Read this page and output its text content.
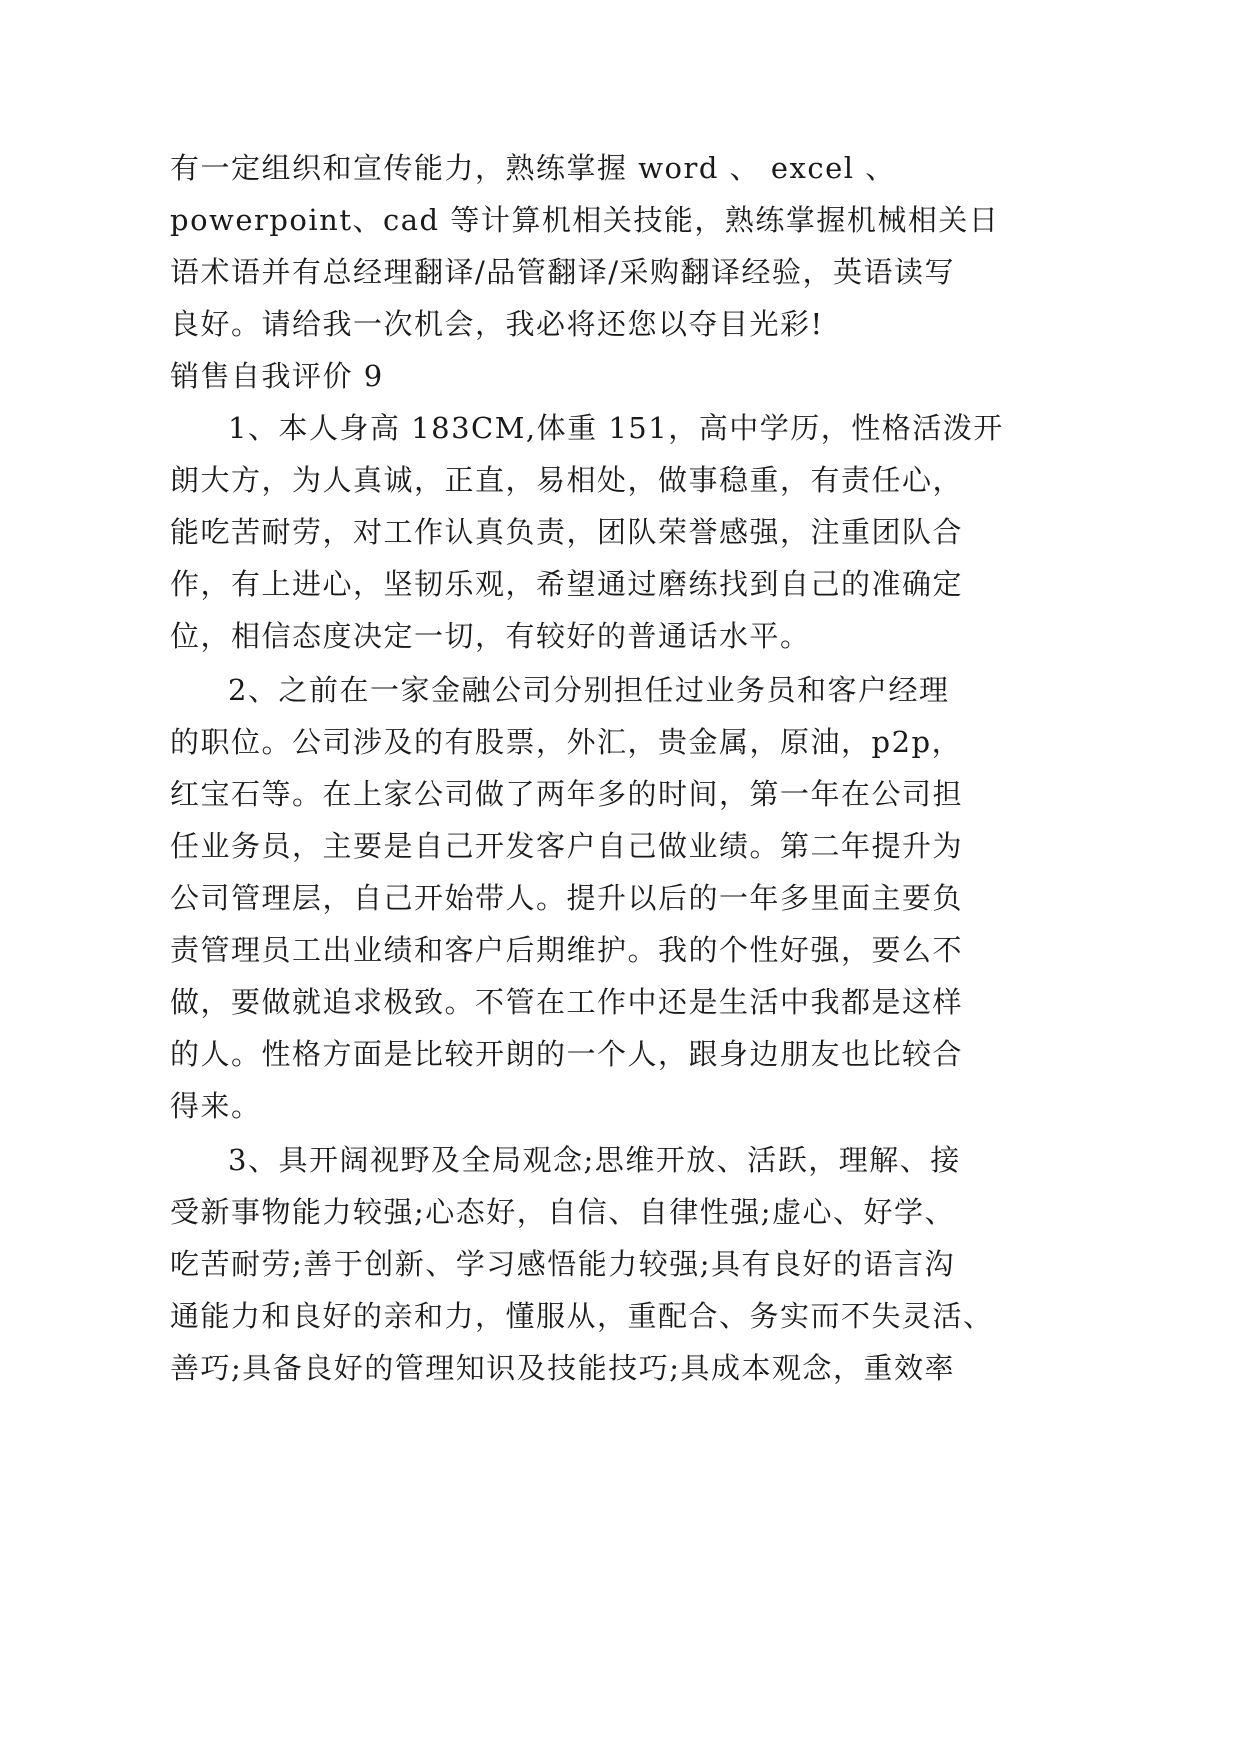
有一定组织和宣传能力，熟练掌握 word 、 excel 、
powerpoint、cad 等计算机相关技能，熟练掌握机械相关日
语术语并有总经理翻译/品管翻译/采购翻译经验，英语读写
良好。请给我一次机会，我必将还您以夺目光彩!
销售自我评价 9
1、本人身高 183CM,体重 151，高中学历，性格活泼开
朗大方，为人真诚，正直，易相处，做事稳重，有责任心，
能吃苦耐劳，对工作认真负责，团队荣誉感强，注重团队合
作，有上进心，坚韧乐观，希望通过磨练找到自己的准确定
位，相信态度决定一切，有较好的普通话水平。
2、之前在一家金融公司分别担任过业务员和客户经理
的职位。公司涉及的有股票，外汇，贵金属，原油，p2p，
红宝石等。在上家公司做了两年多的时间，第一年在公司担
任业务员，主要是自己开发客户自己做业绩。第二年提升为
公司管理层，自己开始带人。提升以后的一年多里面主要负
责管理员工出业绩和客户后期维护。我的个性好强，要么不
做，要做就追求极致。不管在工作中还是生活中我都是这样
的人。性格方面是比较开朗的一个人，跟身边朋友也比较合
得来。
3、具开阔视野及全局观念;思维开放、活跃，理解、接
受新事物能力较强;心态好，自信、自律性强;虚心、好学、
吃苦耐劳;善于创新、学习感悟能力较强;具有良好的语言沟
通能力和良好的亲和力，懂服从，重配合、务实而不失灵活、
善巧;具备良好的管理知识及技能技巧;具成本观念，重效率
